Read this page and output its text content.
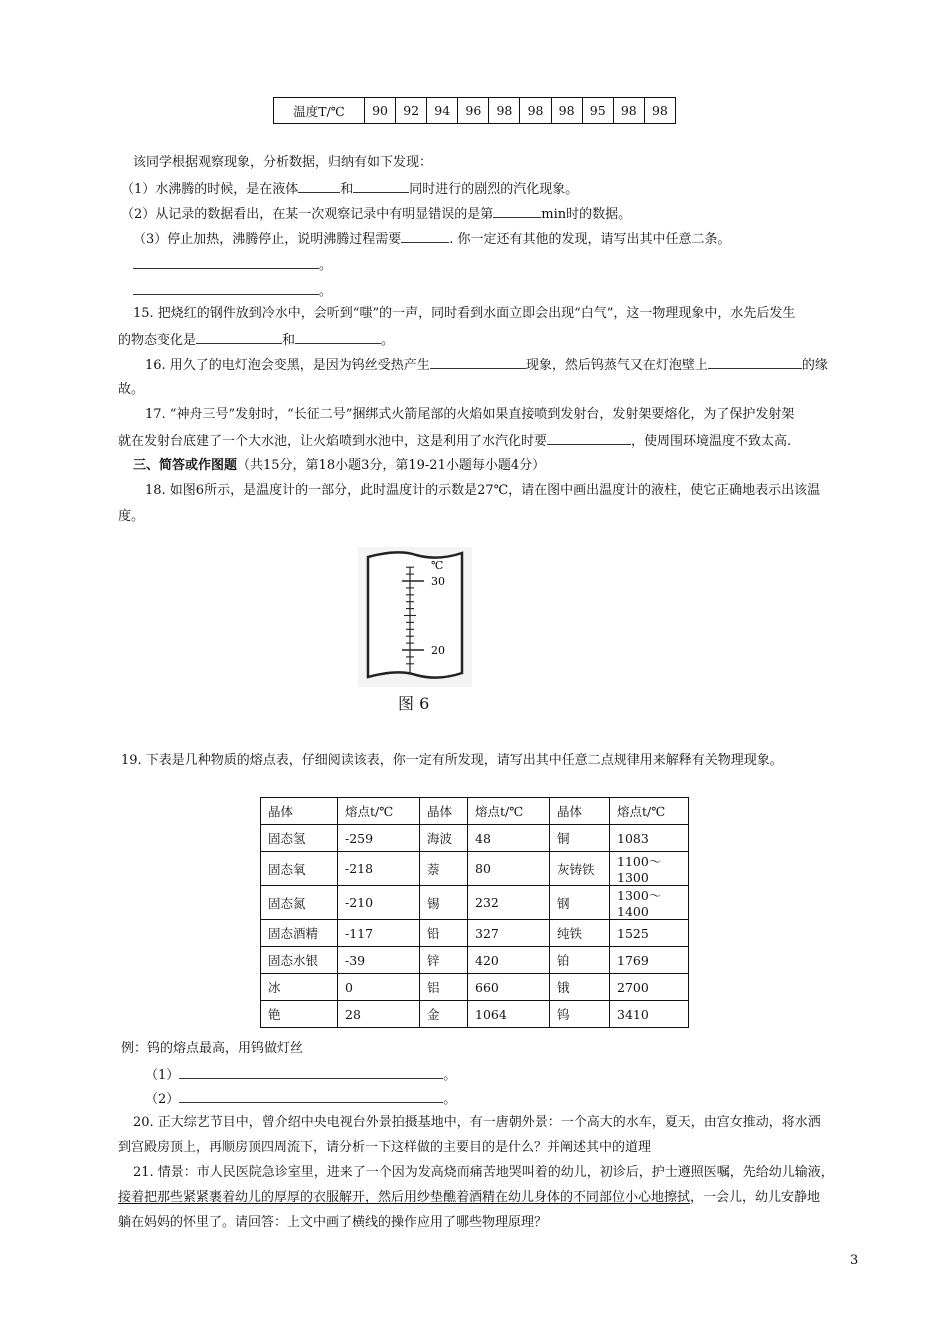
温度T/℃	90	92	94	96	98	98	98	95	98	98
该同学根据观察现象，分析数据，归纳有如下发现：
（1）水沸腾的时候，是在液体	和	同时进行的剧烈的汽化现象。
（2）从记录的数据看出，在某一次观察记录中有明显错误的是第	min时的数据。
（3）停止加热，沸腾停止，说明沸腾过程需要	. 你一定还有其他的发现，请写出其中任意二条。
。
。
15. 把烧红的钢件放到冷水中，会听到“嗤”的一声，同时看到水面立即会出现“白气”，这一物理现象中，水先后发生
的物态变化是	和	。
16. 用久了的电灯泡会变黑，是因为钨丝受热产生	现象，然后钨蒸气又在灯泡壁上	的缘
故。
17. “神舟三号”发射时，“长征二号”捆绑式火箭尾部的火焰如果直接喷到发射台，发射架要熔化，为了保护发射架
就在发射台底建了一个大水池，让火焰喷到水池中，这是利用了水汽化时要	，使周围环境温度不致太高.
三、简答或作图题（共15分，第18小题3分，第19-21小题每小题4分）
18. 如图6所示，是温度计的一部分，此时温度计的示数是27℃，请在图中画出温度计的液柱，使它正确地表示出该温
度。
℃
30
20
图 6
19. 下表是几种物质的熔点表，仔细阅读该表，你一定有所发现，请写出其中任意二点规律用来解释有关物理现象。
晶体	熔点t/℃	晶体	熔点t/℃	晶体	熔点t/℃
固态氢	-259	海波	48	铜	1083
固态氧	-218	萘	80	灰铸铁	1100～1300
固态氮	-210	锡	232	钢	1300～1400
固态酒精	-117	铅	327	纯铁	1525
固态水银	-39	锌	420	铂	1769
冰	0	铝	660	锇	2700
铯	28	金	1064	钨	3410
例：钨的熔点最高，用钨做灯丝
（1）	。
（2）	。
20. 正大综艺节目中，曾介绍中央电视台外景拍摄基地中，有一唐朝外景：一个高大的水车，夏天，由宫女推动，将水洒
到宫殿房顶上，再顺房顶四周流下，请分析一下这样做的主要目的是什么？并阐述其中的道理
21. 情景：市人民医院急诊室里，进来了一个因为发高烧而痛苦地哭叫着的幼儿，初诊后，护士遵照医嘱，先给幼儿输液，
接着把那些紧紧裹着幼儿的厚厚的衣服解开，然后用纱垫醮着酒精在幼儿身体的不同部位小心地擦拭，一会儿，幼儿安静地
躺在妈妈的怀里了。请回答：上文中画了横线的操作应用了哪些物理原理？
3
